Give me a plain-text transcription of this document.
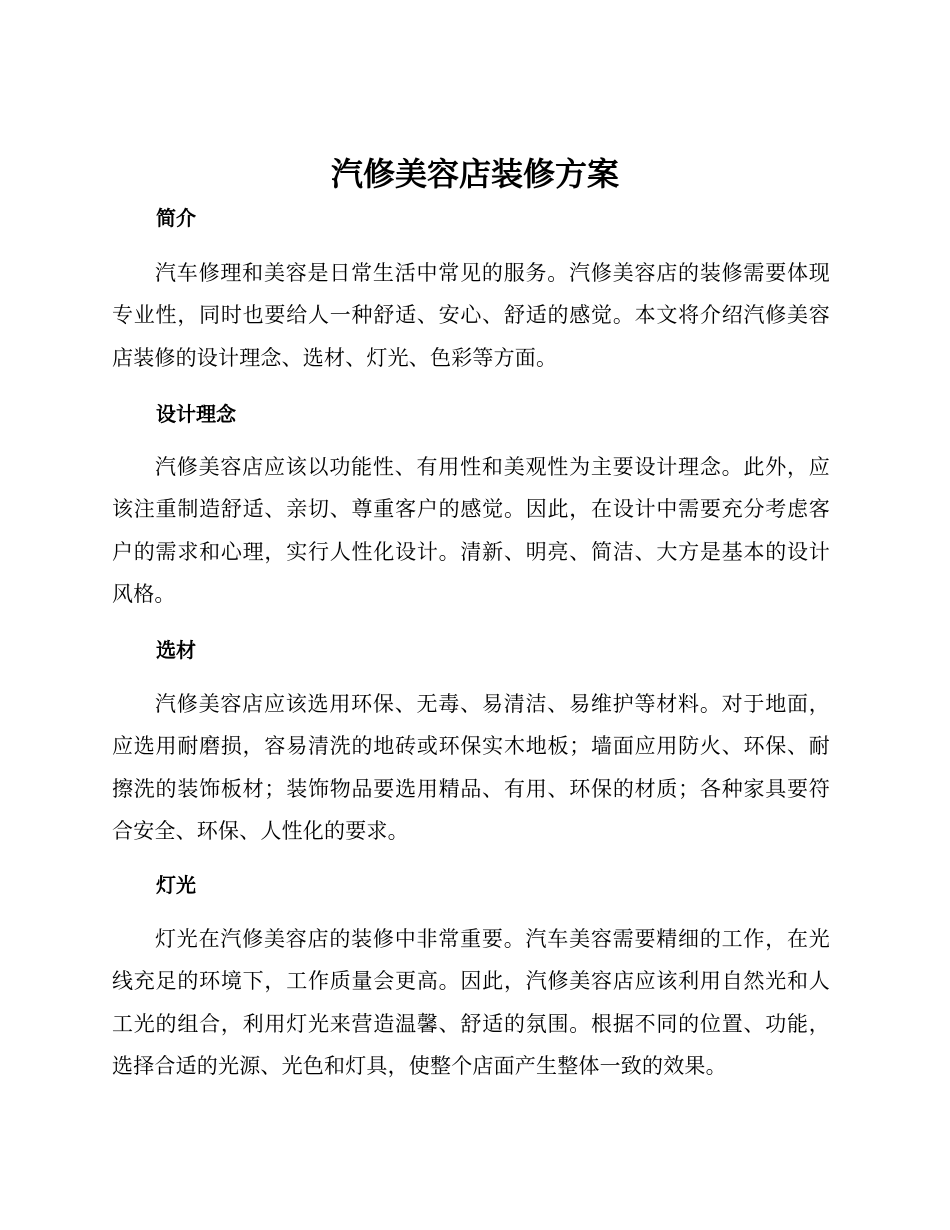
汽修美容店装修方案
简介

汽车修理和美容是日常生活中常见的服务。汽修美容店的装修需要体现专业性，同时也要给人一种舒适、安心、舒适的感觉。本文将介绍汽修美容店装修的设计理念、选材、灯光、色彩等方面。

设计理念

汽修美容店应该以功能性、有用性和美观性为主要设计理念。此外，应该注重制造舒适、亲切、尊重客户的感觉。因此，在设计中需要充分考虑客户的需求和心理，实行人性化设计。清新、明亮、简洁、大方是基本的设计风格。

选材

汽修美容店应该选用环保、无毒、易清洁、易维护等材料。对于地面，应选用耐磨损，容易清洗的地砖或环保实木地板；墙面应用防火、环保、耐擦洗的装饰板材；装饰物品要选用精品、有用、环保的材质；各种家具要符合安全、环保、人性化的要求。

灯光

灯光在汽修美容店的装修中非常重要。汽车美容需要精细的工作，在光线充足的环境下，工作质量会更高。因此，汽修美容店应该利用自然光和人工光的组合，利用灯光来营造温馨、舒适的氛围。根据不同的位置、功能，选择合适的光源、光色和灯具，使整个店面产生整体一致的效果。
